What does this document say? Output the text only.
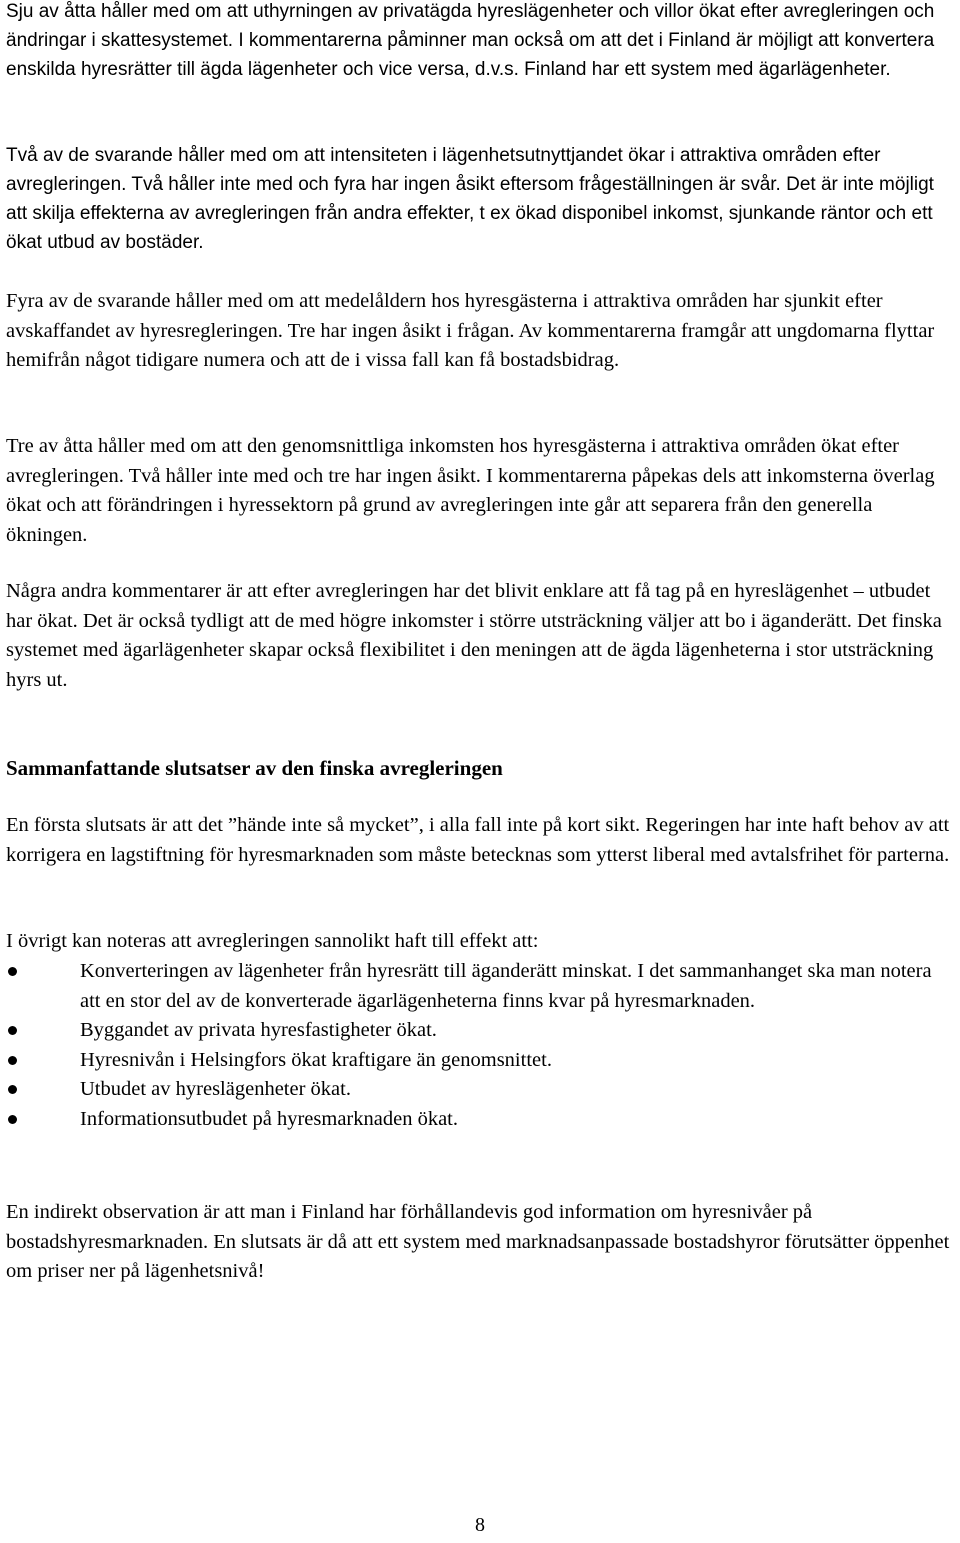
Sju av åtta håller med om att uthyrningen av privatägda hyreslägenheter och villor ökat efter avregleringen och ändringar i skattesystemet. I kommentarerna påminner man också om att det i Finland är möjligt att konvertera enskilda hyresrätter till ägda lägenheter och vice versa, d.v.s. Finland har ett system med ägarlägenheter.

Två av de svarande håller med om att intensiteten i lägenhetsutnyttjandet ökar i attraktiva områden efter avregleringen. Två håller inte med och fyra har ingen åsikt eftersom frågeställningen är svår. Det är inte möjligt att skilja effekterna av avregleringen från andra effekter, t ex ökad disponibel inkomst, sjunkande räntor och ett ökat utbud av bostäder.

Fyra av de svarande håller med om att medelåldern hos hyresgästerna i attraktiva områden har sjunkit efter avskaffandet av hyresregleringen. Tre har ingen åsikt i frågan. Av kommentarerna framgår att ungdomarna flyttar hemifrån något tidigare numera och att de i vissa fall kan få bostadsbidrag.

Tre av åtta håller med om att den genomsnittliga inkomsten hos hyresgästerna i attraktiva områden ökat efter avregleringen. Två håller inte med och tre har ingen åsikt. I kommentarerna påpekas dels att inkomsterna överlag ökat och att förändringen i hyressektorn på grund av avregleringen inte går att separera från den generella ökningen.

Några andra kommentarer är att efter avregleringen har det blivit enklare att få tag på en hyreslägenhet – utbudet har ökat. Det är också tydligt att de med högre inkomster i större utsträckning väljer att bo i äganderätt. Det finska systemet med ägarlägenheter skapar också flexibilitet i den meningen att de ägda lägenheterna i stor utsträckning hyrs ut.

Sammanfattande slutsatser av den finska avregleringen

En första slutsats är att det ”hände inte så mycket”, i alla fall inte på kort sikt. Regeringen har inte haft behov av att korrigera en lagstiftning för hyresmarknaden som måste betecknas som ytterst liberal med avtalsfrihet för parterna.

I övrigt kan noteras att avregleringen sannolikt haft till effekt att:

Konverteringen av lägenheter från hyresrätt till äganderätt minskat. I det sammanhanget ska man notera att en stor del av de konverterade ägarlägenheterna finns kvar på hyresmarknaden.
Byggandet av privata hyresfastigheter ökat.
Hyresnivån i Helsingfors ökat kraftigare än genomsnittet.
Utbudet av hyreslägenheter ökat.
Informationsutbudet på hyresmarknaden ökat.

En indirekt observation är att man i Finland har förhållandevis god information om hyresnivåer på bostadshyresmarknaden. En slutsats är då att ett system med marknadsanpassade bostadshyror förutsätter öppenhet om priser ner på lägenhetsnivå!

8
